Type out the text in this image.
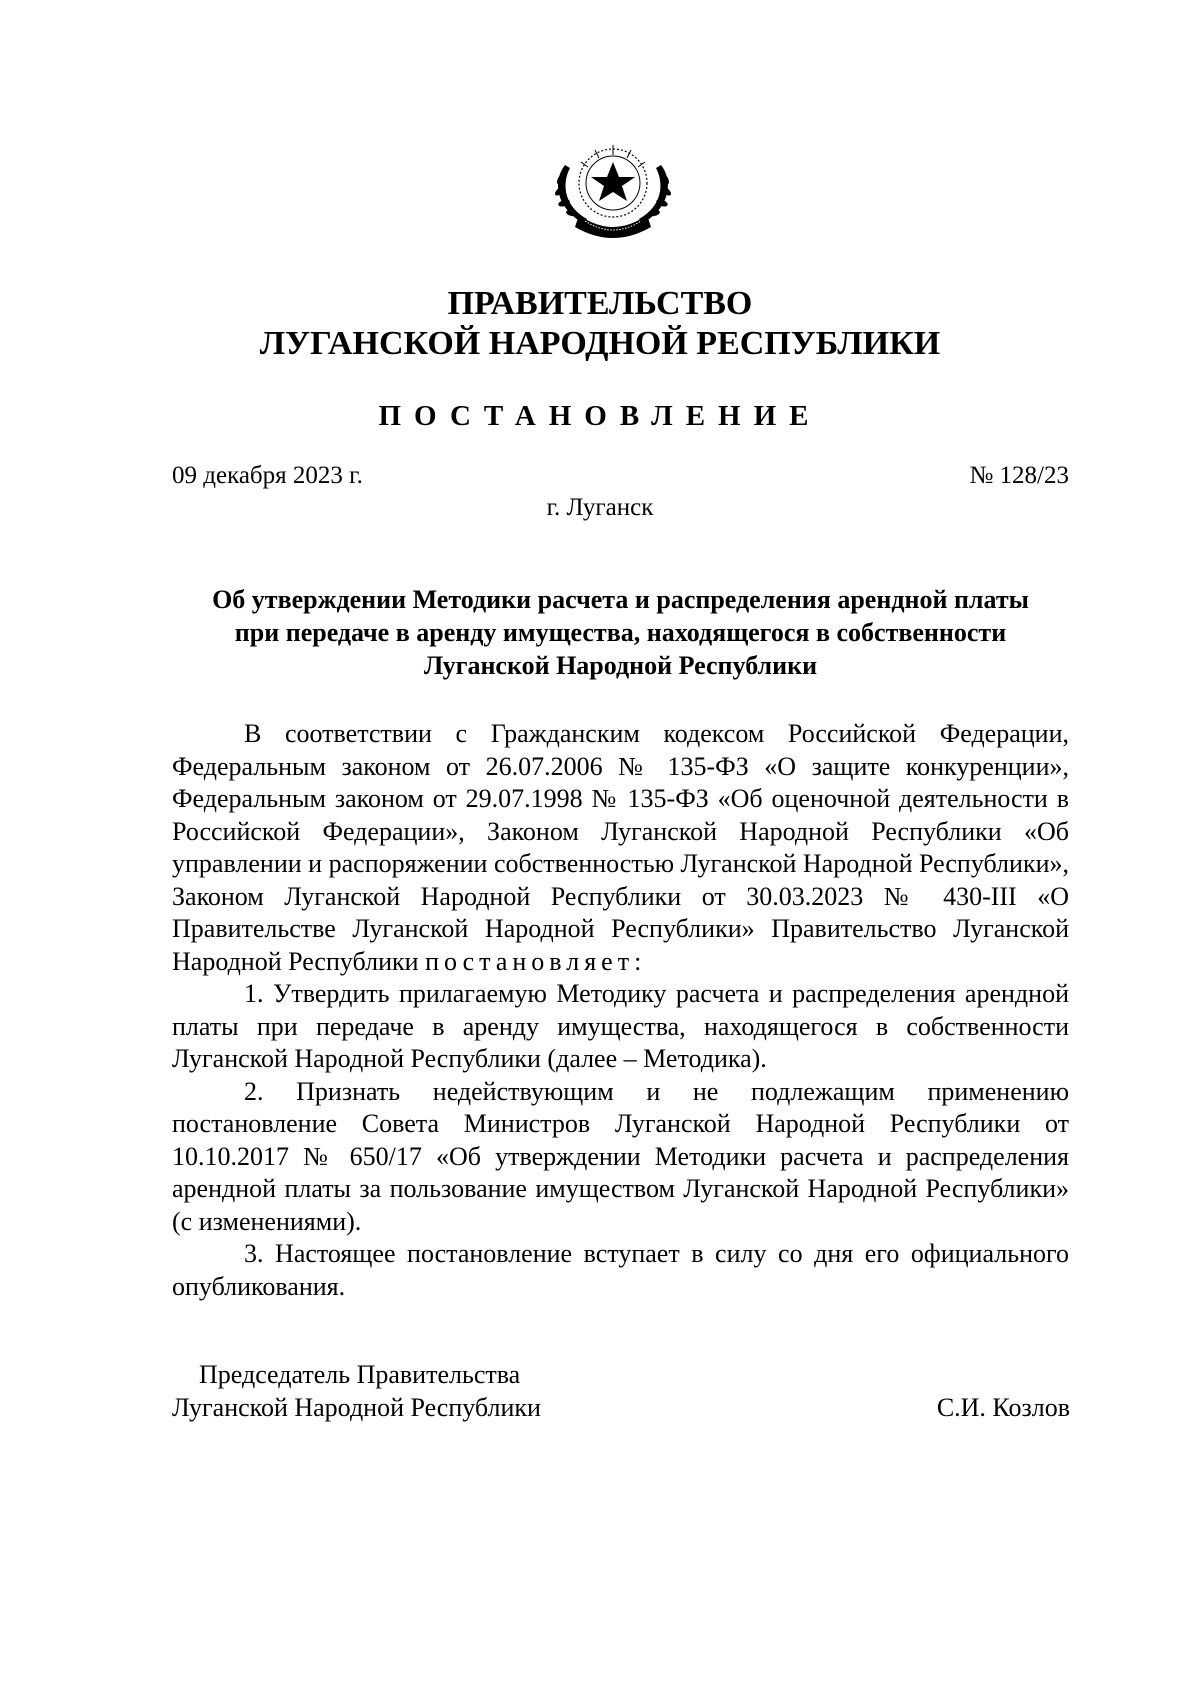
ПРАВИТЕЛЬСТВО
ЛУГАНСКОЙ НАРОДНОЙ РЕСПУБЛИКИ
ПОСТАНОВЛЕНИЕ
09 декабря 2023 г.	№ 128/23
г. Луганск
Об утверждении Методики расчета и распределения арендной платы
при передаче в аренду имущества, находящегося в собственности
Луганской Народной Республики

В соответствии с Гражданским кодексом Российской Федерации, Федеральным законом от 26.07.2006 № 135-ФЗ «О защите конкуренции», Федеральным законом от 29.07.1998 № 135-ФЗ «Об оценочной деятельности в Российской Федерации», Законом Луганской Народной Республики «Об управлении и распоряжении собственностью Луганской Народной Республики», Законом Луганской Народной Республики от 30.03.2023 № 430-III «О Правительстве Луганской Народной Республики» Правительство Луганской Народной Республики постановляет:

1. Утвердить прилагаемую Методику расчета и распределения арендной платы при передаче в аренду имущества, находящегося в собственности Луганской Народной Республики (далее – Методика).

2. Признать недействующим и не подлежащим применению постановление Совета Министров Луганской Народной Республики от 10.10.2017 № 650/17 «Об утверждении Методики расчета и распределения арендной платы за пользование имуществом Луганской Народной Республики» (с изменениями).

3. Настоящее постановление вступает в силу со дня его официального опубликования.

Председатель Правительства
Луганской Народной Республики	С.И. Козлов
